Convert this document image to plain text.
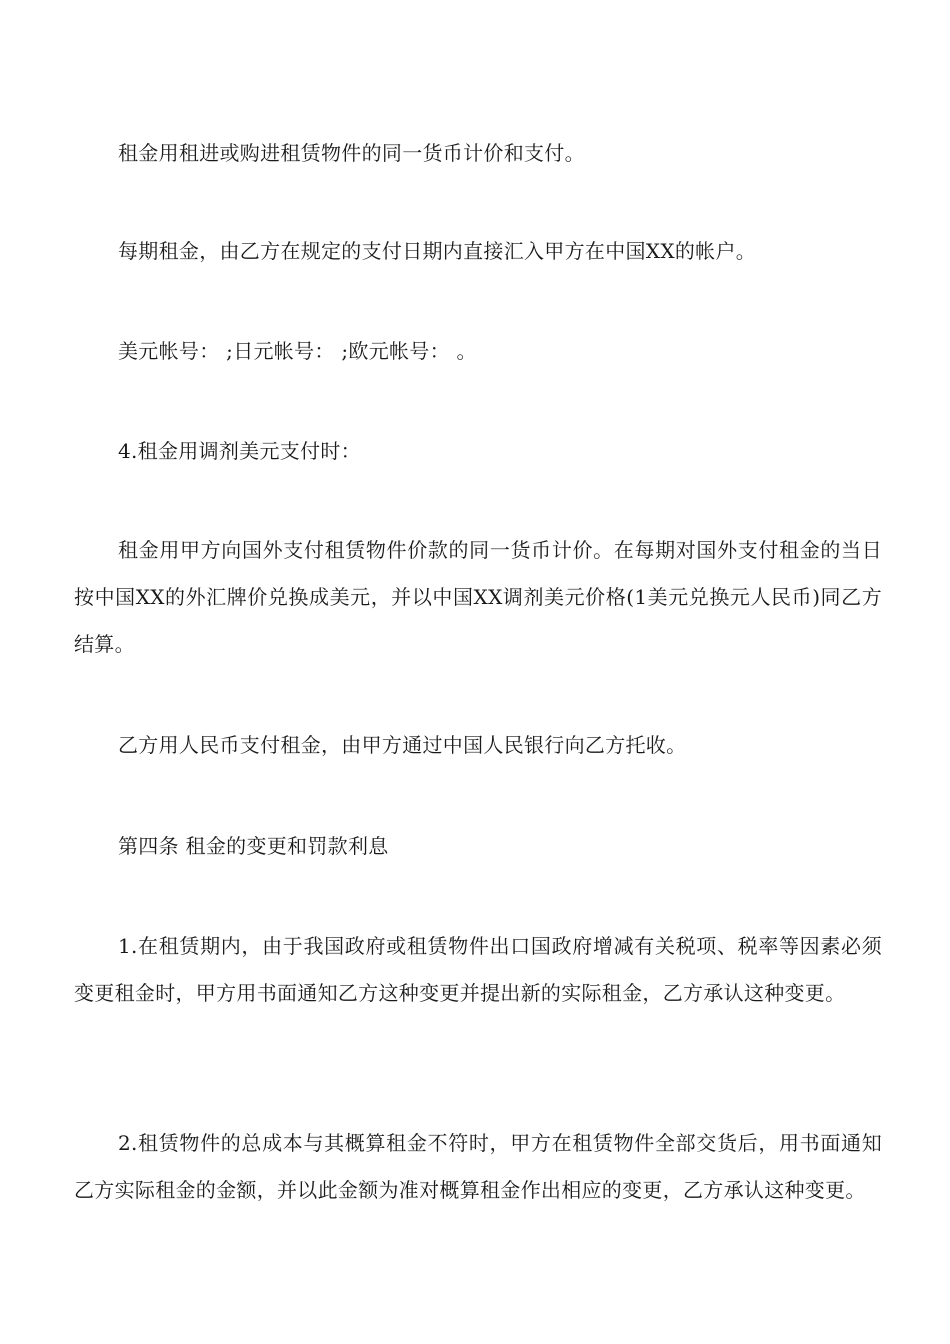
租金用租进或购进租赁物件的同一货币计价和支付。

每期租金，由乙方在规定的支付日期内直接汇入甲方在中国XX的帐户。

美元帐号： ;日元帐号： ;欧元帐号： 。

4.租金用调剂美元支付时：

租金用甲方向国外支付租赁物件价款的同一货币计价。在每期对国外支付租金的当日按中国XX的外汇牌价兑换成美元，并以中国XX调剂美元价格(1美元兑换元人民币)同乙方结算。

乙方用人民币支付租金，由甲方通过中国人民银行向乙方托收。

第四条 租金的变更和罚款利息

1.在租赁期内，由于我国政府或租赁物件出口国政府增减有关税项、税率等因素必须变更租金时，甲方用书面通知乙方这种变更并提出新的实际租金，乙方承认这种变更。

2.租赁物件的总成本与其概算租金不符时，甲方在租赁物件全部交货后，用书面通知乙方实际租金的金额，并以此金额为准对概算租金作出相应的变更，乙方承认这种变更。
